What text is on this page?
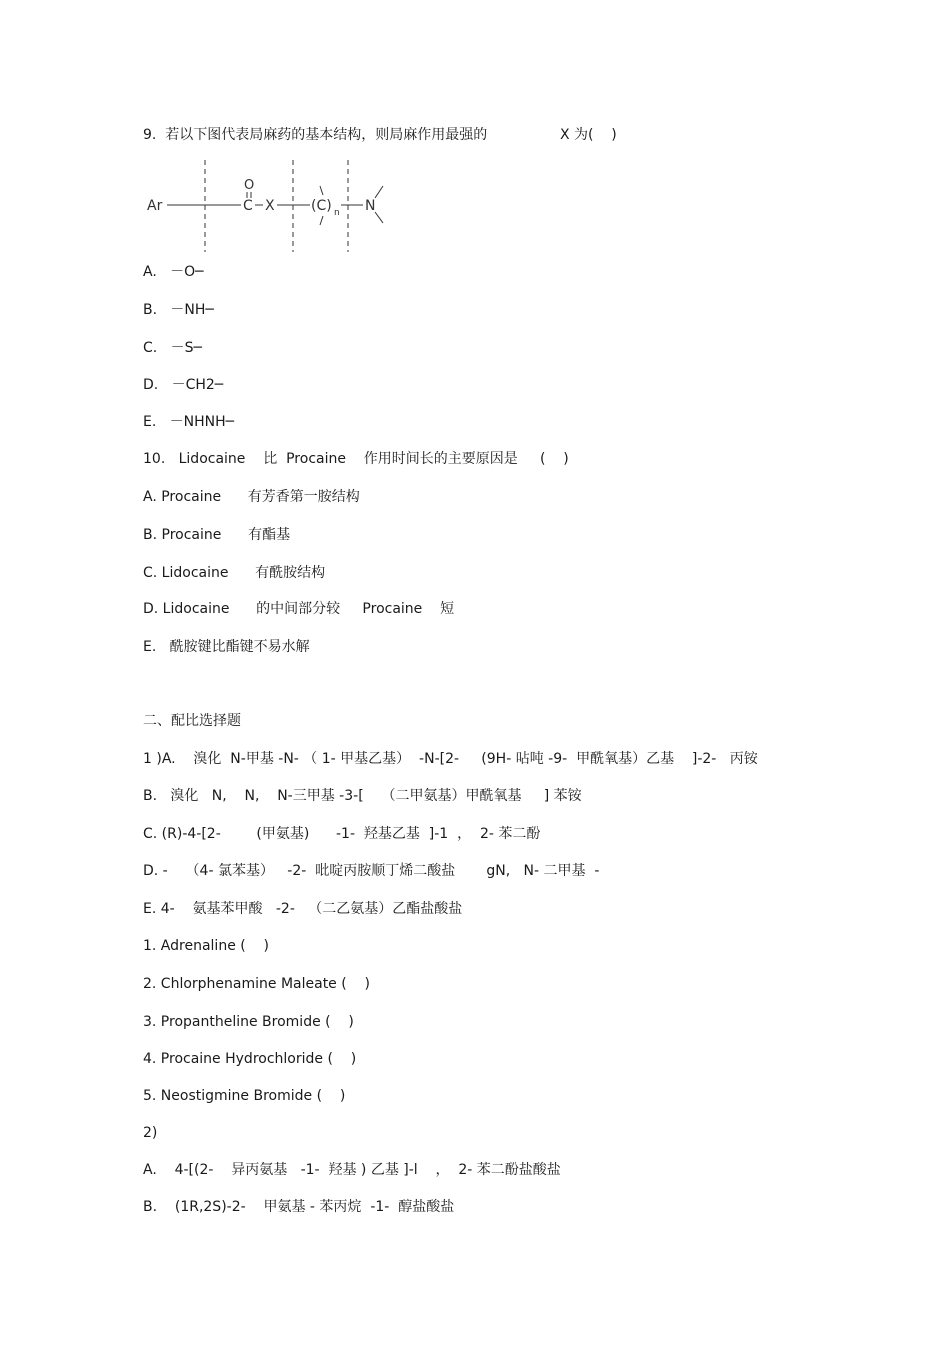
9.  若以下图代表局麻药的基本结构，则局麻作用最强的	X 为(    )
Ar
O
C X	(C) n N
A.   －O─
B.   －NH─
C.   －S─
D.   －CH2─
E.   －NHNH─
10.   Lidocaine    比  Procaine    作用时间长的主要原因是     (    )
A. Procaine      有芳香第一胺结构
B. Procaine      有酯基
C. Lidocaine      有酰胺结构
D. Lidocaine      的中间部分较     Procaine    短
E.   酰胺键比酯键不易水解
二、配比选择题
1 )A.    溴化  N-甲基 -N- （ 1- 甲基乙基）  -N-[2-     (9H- 呫吨 -9-  甲酰氧基）乙基    ]-2-   丙铵
B.   溴化   N,    N,    N-三甲基 -3-[    （二甲氨基）甲酰氧基     ] 苯铵
C. (R)-4-[2-        (甲氨基)      -1-  羟基乙基  ]-1  ，  2- 苯二酚
D. -    （4- 氯苯基）   -2-  吡啶丙胺顺丁烯二酸盐       gN,   N- 二甲基  -
E. 4-    氨基苯甲酸   -2-   （二乙氨基）乙酯盐酸盐
1. Adrenaline (    )
2. Chlorphenamine Maleate (    )
3. Propantheline Bromide (    )
4. Procaine Hydrochloride (    )
5. Neostigmine Bromide (    )
2)
A.    4-[(2-    异丙氨基   -1-  羟基 ) 乙基 ]-l    ，  2- 苯二酚盐酸盐
B.    (1R,2S)-2-    甲氨基 - 苯丙烷  -1-  醇盐酸盐
